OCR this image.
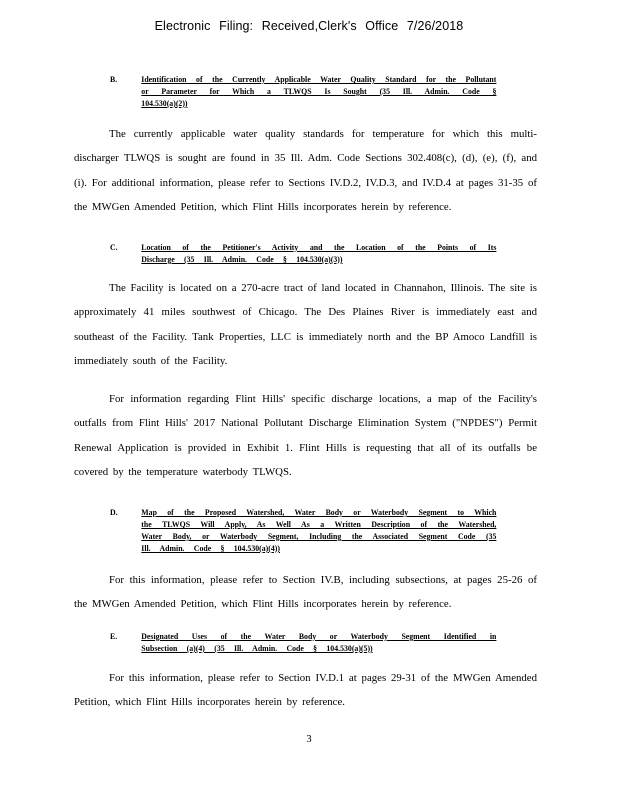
Electronic Filing: Received,Clerk's Office 7/26/2018
B.	Identification of the Currently Applicable Water Quality Standard for the Pollutant or Parameter for Which a TLWQS Is Sought (35 Ill. Admin. Code § 104.530(a)(2))
The currently applicable water quality standards for temperature for which this multi-discharger TLWQS is sought are found in 35 Ill. Adm. Code Sections 302.408(c), (d), (e), (f), and (i). For additional information, please refer to Sections IV.D.2, IV.D.3, and IV.D.4 at pages 31-35 of the MWGen Amended Petition, which Flint Hills incorporates herein by reference.
C.	Location of the Petitioner's Activity and the Location of the Points of Its Discharge (35 Ill. Admin. Code § 104.530(a)(3))
The Facility is located on a 270-acre tract of land located in Channahon, Illinois. The site is approximately 41 miles southwest of Chicago. The Des Plaines River is immediately east and southeast of the Facility. Tank Properties, LLC is immediately north and the BP Amoco Landfill is immediately south of the Facility.
For information regarding Flint Hills' specific discharge locations, a map of the Facility's outfalls from Flint Hills' 2017 National Pollutant Discharge Elimination System ("NPDES") Permit Renewal Application is provided in Exhibit 1. Flint Hills is requesting that all of its outfalls be covered by the temperature waterbody TLWQS.
D.	Map of the Proposed Watershed, Water Body or Waterbody Segment to Which the TLWQS Will Apply, As Well As a Written Description of the Watershed, Water Body, or Waterbody Segment, Including the Associated Segment Code (35 Ill. Admin. Code § 104.530(a)(4))
For this information, please refer to Section IV.B, including subsections, at pages 25-26 of the MWGen Amended Petition, which Flint Hills incorporates herein by reference.
E.	Designated Uses of the Water Body or Waterbody Segment Identified in Subsection (a)(4) (35 Ill. Admin. Code § 104.530(a)(5))
For this information, please refer to Section IV.D.1 at pages 29-31 of the MWGen Amended Petition, which Flint Hills incorporates herein by reference.
3
